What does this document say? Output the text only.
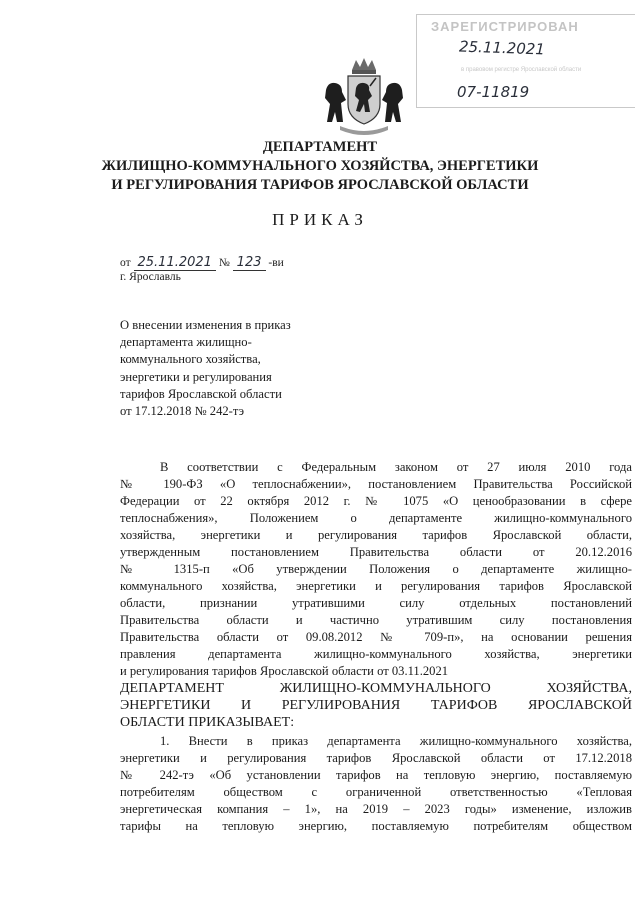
ЗАРЕГИСТРИРОВАН
25.11.2021
в правовом регистре Ярославской области
07-11819
ДЕПАРТАМЕНТ
ЖИЛИЩНО-КОММУНАЛЬНОГО ХОЗЯЙСТВА, ЭНЕРГЕТИКИ
И РЕГУЛИРОВАНИЯ ТАРИФОВ ЯРОСЛАВСКОЙ ОБЛАСТИ
ПРИКАЗ
от 25.11.2021 № 123 -ви
г. Ярославль
О внесении изменения в приказ
департамента жилищно-
коммунального хозяйства,
энергетики и регулирования
тарифов Ярославской области
от 17.12.2018 № 242-тэ
В соответствии с Федеральным законом от 27 июля 2010 года
№ 190-ФЗ «О теплоснабжении», постановлением Правительства Российской
Федерации от 22 октября 2012 г. № 1075 «О ценообразовании в сфере
теплоснабжения», Положением о департаменте жилищно-коммунального
хозяйства, энергетики и регулирования тарифов Ярославской области,
утвержденным постановлением Правительства области от 20.12.2016
№ 1315-п «Об утверждении Положения о департаменте жилищно-
коммунального хозяйства, энергетики и регулирования тарифов Ярославской
области, признании утратившими силу отдельных постановлений
Правительства области и частично утратившим силу постановления
Правительства области от 09.08.2012 № 709-п», на основании решения
правления департамента жилищно-коммунального хозяйства, энергетики
и регулирования тарифов Ярославской области от 03.11.2021
ДЕПАРТАМЕНТ ЖИЛИЩНО-КОММУНАЛЬНОГО ХОЗЯЙСТВА,
ЭНЕРГЕТИКИ И РЕГУЛИРОВАНИЯ ТАРИФОВ ЯРОСЛАВСКОЙ
ОБЛАСТИ ПРИКАЗЫВАЕТ:
1. Внести в приказ департамента жилищно-коммунального хозяйства,
энергетики и регулирования тарифов Ярославской области от 17.12.2018
№ 242-тэ «Об установлении тарифов на тепловую энергию, поставляемую
потребителям обществом с ограниченной ответственностью «Тепловая
энергетическая компания – 1», на 2019 – 2023 годы» изменение, изложив
тарифы на тепловую энергию, поставляемую потребителям обществом
